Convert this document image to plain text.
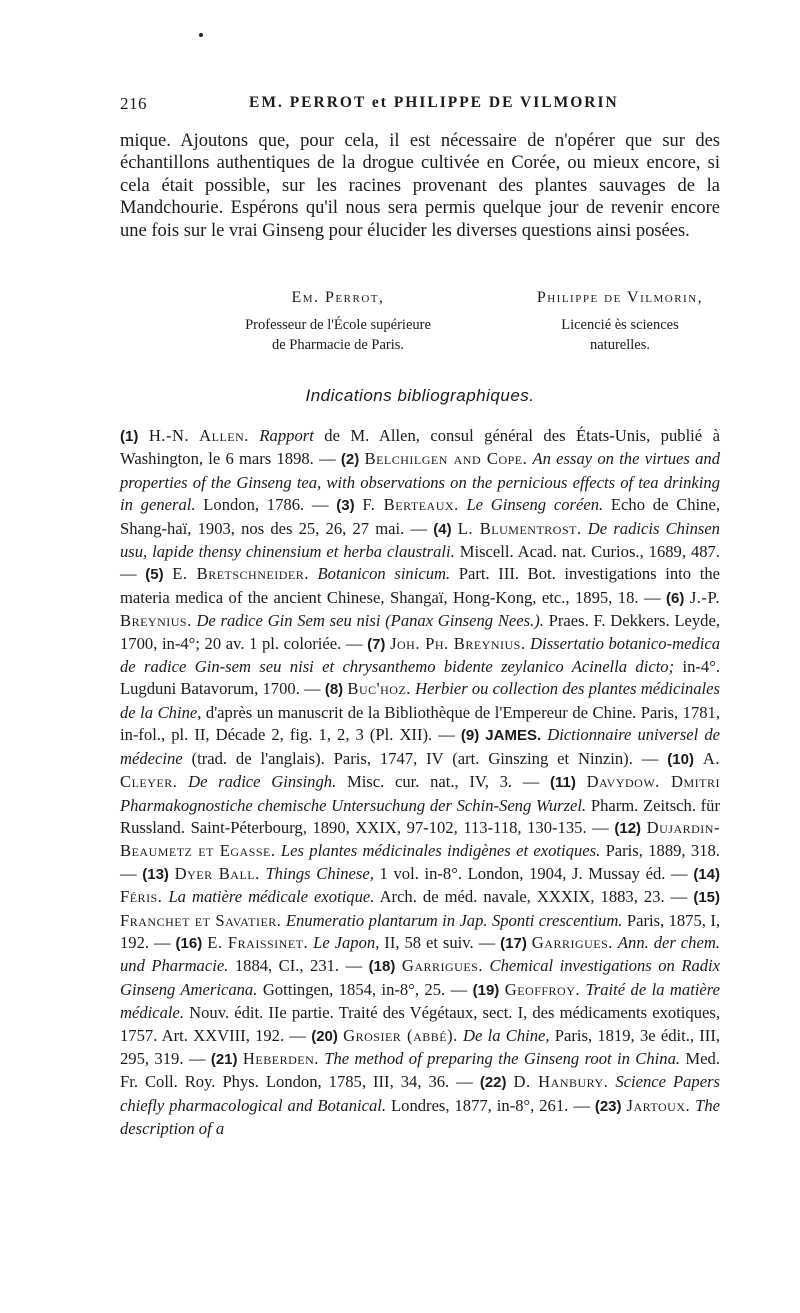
216	EM. PERROT et PHILIPPE DE VILMORIN

mique. Ajoutons que, pour cela, il est nécessaire de n'opérer que sur des échantillons authentiques de la drogue cultivée en Corée, ou mieux encore, si cela était possible, sur les racines provenant des plantes sauvages de la Mandchourie. Espérons qu'il nous sera permis quelque jour de revenir encore une fois sur le vrai Ginseng pour élucider les diverses questions ainsi posées.

Em. Perrot,
Professeur de l'École supérieure
de Pharmacie de Paris.
Philippe de Vilmorin,
Licencié ès sciences
naturelles.
Indications bibliographiques.

(1) H.-N. Allen. Rapport de M. Allen, consul général des États-Unis, publié à Washington, le 6 mars 1898. — (2) Belchilgen and Cope. An essay on the virtues and properties of the Ginseng tea, with observations on the pernicious effects of tea drinking in general. London, 1786. — (3) F. Berteaux. Le Ginseng coréen. Echo de Chine, Shang-haï, 1903, nos des 25, 26, 27 mai. — (4) L. Blumentrost. De radicis Chinsen usu, lapide thensy chinensium et herba claustrali. Miscell. Acad. nat. Curios., 1689, 487. — (5) E. Bretschneider. Botanicon sinicum. Part. III. Bot. investigations into the materia medica of the ancient Chinese, Shangaï, Hong-Kong, etc., 1895, 18. — (6) J.-P. Breynius. De radice Gin Sem seu nisi (Panax Ginseng Nees.). Praes. F. Dekkers. Leyde, 1700, in-4°; 20 av. 1 pl. coloriée. — (7) Joh. Ph. Breynius. Dissertatio botanico-medica de radice Gin-sem seu nisi et chrysanthemo bidente zeylanico Acinella dicto; in-4°. Lugduni Batavorum, 1700. — (8) Buc'hoz. Herbier ou collection des plantes médicinales de la Chine, d'après un manuscrit de la Bibliothèque de l'Empereur de Chine. Paris, 1781, in-fol., pl. II, Décade 2, fig. 1, 2, 3 (Pl. XII). — (9) JAMES. Dictionnaire universel de médecine (trad. de l'anglais). Paris, 1747, IV (art. Ginszing et Ninzin). — (10) A. Cleyer. De radice Ginsingh. Misc. cur. nat., IV, 3. — (11) Davydow. Dmitri Pharmakognostiche chemische Untersuchung der Schin-Seng Wurzel. Pharm. Zeitsch. für Russland. Saint-Péterbourg, 1890, XXIX, 97-102, 113-118, 130-135. — (12) Dujardin-Beaumetz et Egasse. Les plantes médicinales indigènes et exotiques. Paris, 1889, 318. — (13) Dyer Ball. Things Chinese, 1 vol. in-8°. London, 1904, J. Mussay éd. — (14) Féris. La matière médicale exotique. Arch. de méd. navale, XXXIX, 1883, 23. — (15) Franchet et Savatier. Enumeratio plantarum in Jap. Sponti crescentium. Paris, 1875, I, 192. — (16) E. Fraissinet. Le Japon, II, 58 et suiv. — (17) Garrigues. Ann. der chem. und Pharmacie. 1884, CI., 231. — (18) Garrigues. Chemical investigations on Radix Ginseng Americana. Gottingen, 1854, in-8°, 25. — (19) Geoffroy. Traité de la matière médicale. Nouv. édit. IIe partie. Traité des Végétaux, sect. I, des médicaments exotiques, 1757. Art. XXVIII, 192. — (20) Grosier (abbé). De la Chine, Paris, 1819, 3e édit., III, 295, 319. — (21) Heberden. The method of preparing the Ginseng root in China. Med. Fr. Coll. Roy. Phys. London, 1785, III, 34, 36. — (22) D. Hanbury. Science Papers chiefly pharmacological and Botanical. Londres, 1877, in-8°, 261. — (23) Jartoux. The description of a
